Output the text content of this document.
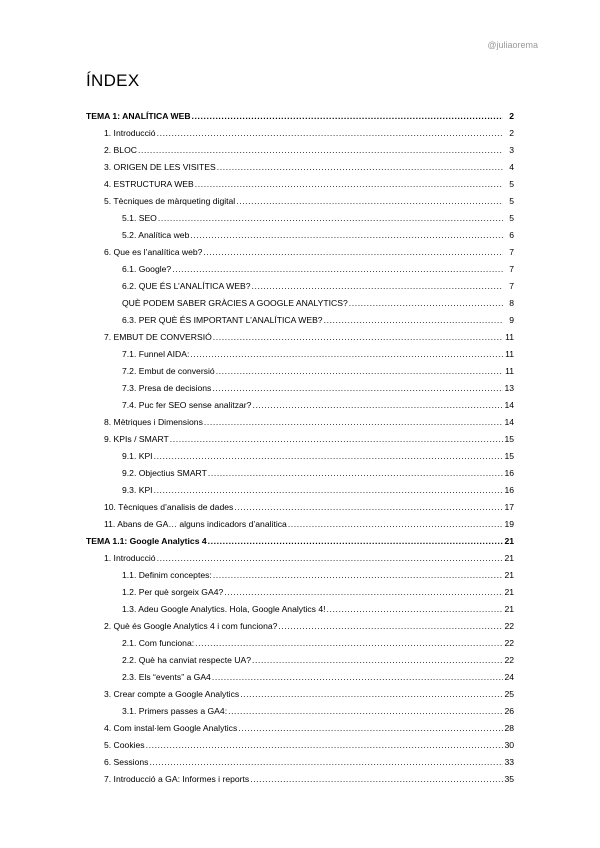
@juliaorema
ÍNDEX
TEMA 1: ANALÍTICA WEB .....	2
1. Introducció .....	2
2. BLOC .....	3
3. ORIGEN DE LES VISITES .....	4
4. ESTRUCTURA WEB .....	5
5. Tècniques de màrqueting digital .....	5
5.1. SEO .....	5
5.2. Analítica web .....	6
6. Que es l’analítica web? .....	7
6.1. Google? .....	7
6.2. QUE ÉS L’ANALÍTICA WEB? .....	7
QUÈ PODEM SABER GRÀCIES A GOOGLE ANALYTICS? .....	8
6.3. PER QUÈ ÉS IMPORTANT L’ANALÍTICA WEB? .....	9
7. EMBUT DE CONVERSIÓ .....	11
7.1. Funnel AIDA: .....	11
7.2. Embut de conversió .....	11
7.3. Presa de decisions .....	13
7.4. Puc fer SEO sense analitzar? .....	14
8. Mètriques i Dimensions .....	14
9. KPIs / SMART .....	15
9.1. KPI .....	15
9.2. Objectius SMART .....	16
9.3. KPI .....	16
10. Tècniques d’analisis de dades .....	17
11. Abans de GA… alguns indicadors d’analitica .....	19
TEMA 1.1: Google Analytics 4 .....	21
1. Introducció .....	21
1.1. Definim conceptes: .....	21
1.2. Per què sorgeix GA4? .....	21
1.3. Adeu Google Analytics. Hola, Google Analytics 4! .....	21
2. Què és Google Analytics 4 i com funciona? .....	22
2.1. Com funciona: .....	22
2.2. Què ha canviat respecte UA? .....	22
2.3. Els “events” a GA4 .....	24
3. Crear compte a Google Analytics .....	25
3.1. Primers passes a GA4: .....	26
4. Com instal·lem Google Analytics .....	28
5. Cookies .....	30
6. Sessions .....	33
7. Introducció a GA: Informes i reports .....	35
